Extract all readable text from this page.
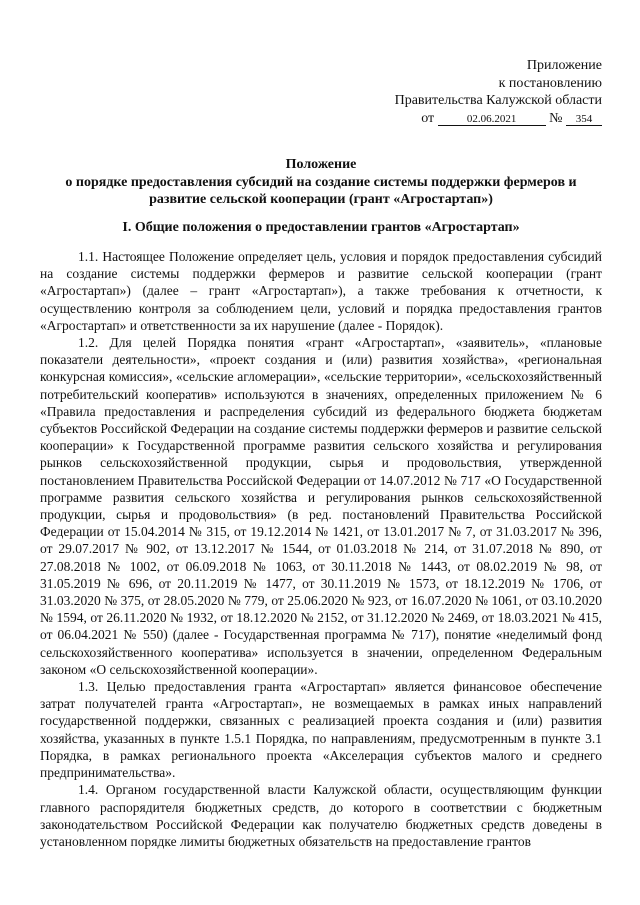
Приложение
к постановлению
Правительства Калужской области
от	02.06.2021 № 354
Положение
о порядке предоставления субсидий на создание системы поддержки фермеров и
развитие сельской кооперации (грант «Агростартап»)
I. Общие положения о предоставлении грантов «Агростартап»

1.1. Настоящее Положение определяет цель, условия и порядок предоставления субсидий на создание системы поддержки фермеров и развитие сельской кооперации (грант «Агростартап») (далее – грант «Агростартап»), а также требования к отчетности, к осуществлению контроля за соблюдением цели, условий и порядка предоставления грантов «Агростартап» и ответственности за их нарушение (далее - Порядок).

1.2. Для целей Порядка понятия «грант «Агростартап», «заявитель», «плановые показатели деятельности», «проект создания и (или) развития хозяйства», «региональная конкурсная комиссия», «сельские агломерации», «сельские территории», «сельскохозяйственный потребительский кооператив» используются в значениях, определенных приложением № 6 «Правила предоставления и распределения субсидий из федерального бюджета бюджетам субъектов Российской Федерации на создание системы поддержки фермеров и развитие сельской кооперации» к Государственной программе развития сельского хозяйства и регулирования рынков сельскохозяйственной продукции, сырья и продовольствия, утвержденной постановлением Правительства Российской Федерации от 14.07.2012 № 717 «О Государственной программе развития сельского хозяйства и регулирования рынков сельскохозяйственной продукции, сырья и продовольствия» (в ред. постановлений Правительства Российской Федерации от 15.04.2014 № 315, от 19.12.2014 № 1421, от 13.01.2017 № 7, от 31.03.2017 № 396, от 29.07.2017 № 902, от 13.12.2017 № 1544, от 01.03.2018 № 214, от 31.07.2018 № 890, от 27.08.2018 № 1002, от 06.09.2018 № 1063, от 30.11.2018 № 1443, от 08.02.2019 № 98, от 31.05.2019 № 696, от 20.11.2019 № 1477, от 30.11.2019 № 1573, от 18.12.2019 № 1706, от 31.03.2020 № 375, от 28.05.2020 № 779, от 25.06.2020 № 923, от 16.07.2020 № 1061, от 03.10.2020 № 1594, от 26.11.2020 № 1932, от 18.12.2020 № 2152, от 31.12.2020 № 2469, от 18.03.2021 № 415, от 06.04.2021 № 550) (далее - Государственная программа № 717), понятие «неделимый фонд сельскохозяйственного кооператива» используется в значении, определенном Федеральным законом «О сельскохозяйственной кооперации».

1.3. Целью предоставления гранта «Агростартап» является финансовое обеспечение затрат получателей гранта «Агростартап», не возмещаемых в рамках иных направлений государственной поддержки, связанных с реализацией проекта создания и (или) развития хозяйства, указанных в пункте 1.5.1 Порядка, по направлениям, предусмотренным в пункте 3.1 Порядка, в рамках регионального проекта «Акселерация субъектов малого и среднего предпринимательства».

1.4. Органом государственной власти Калужской области, осуществляющим функции главного распорядителя бюджетных средств, до которого в соответствии с бюджетным законодательством Российской Федерации как получателю бюджетных средств доведены в установленном порядке лимиты бюджетных обязательств на предоставление грантов
